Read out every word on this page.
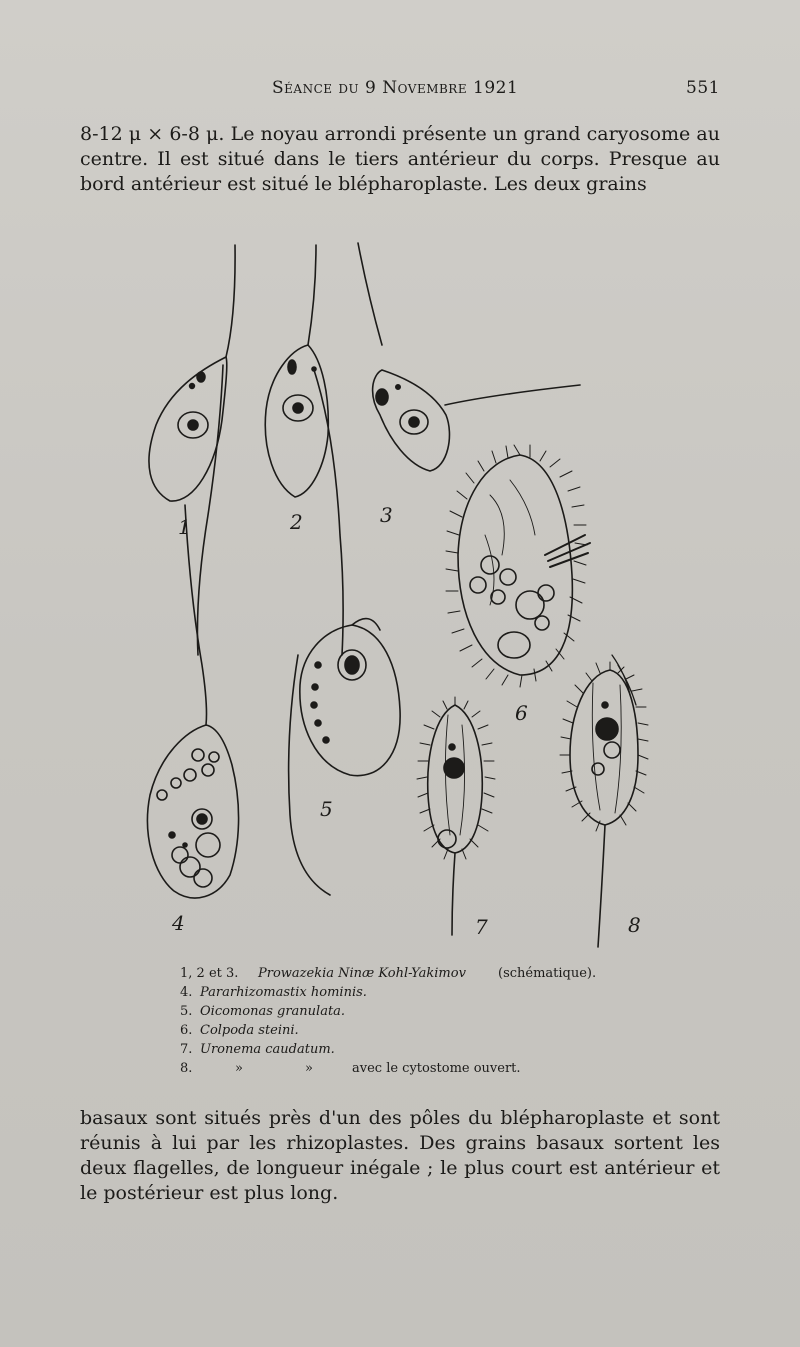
Séance du 9 Novembre 1921	551

8-12 μ × 6-8 μ. Le noyau arrondi présente un grand caryosome au centre. Il est situé dans le tiers antérieur du corps. Presque au bord antérieur est situé le blépharoplaste. Les deux grains

1	2	3
4
5
6
7	8
1, 2 et 3. Prowazekia Ninæ Kohl-Yakimov (schématique).
4. Pararhizomastix hominis.
5. Oicomonas granulata.
6. Colpoda steini.
7. Uronema caudatum.
8.	»	»	avec le cytostome ouvert.

basaux sont situés près d'un des pôles du blépharoplaste et sont réunis à lui par les rhizoplastes. Des grains basaux sortent les deux flagelles, de longueur inégale ; le plus court est antérieur et le postérieur est plus long.
